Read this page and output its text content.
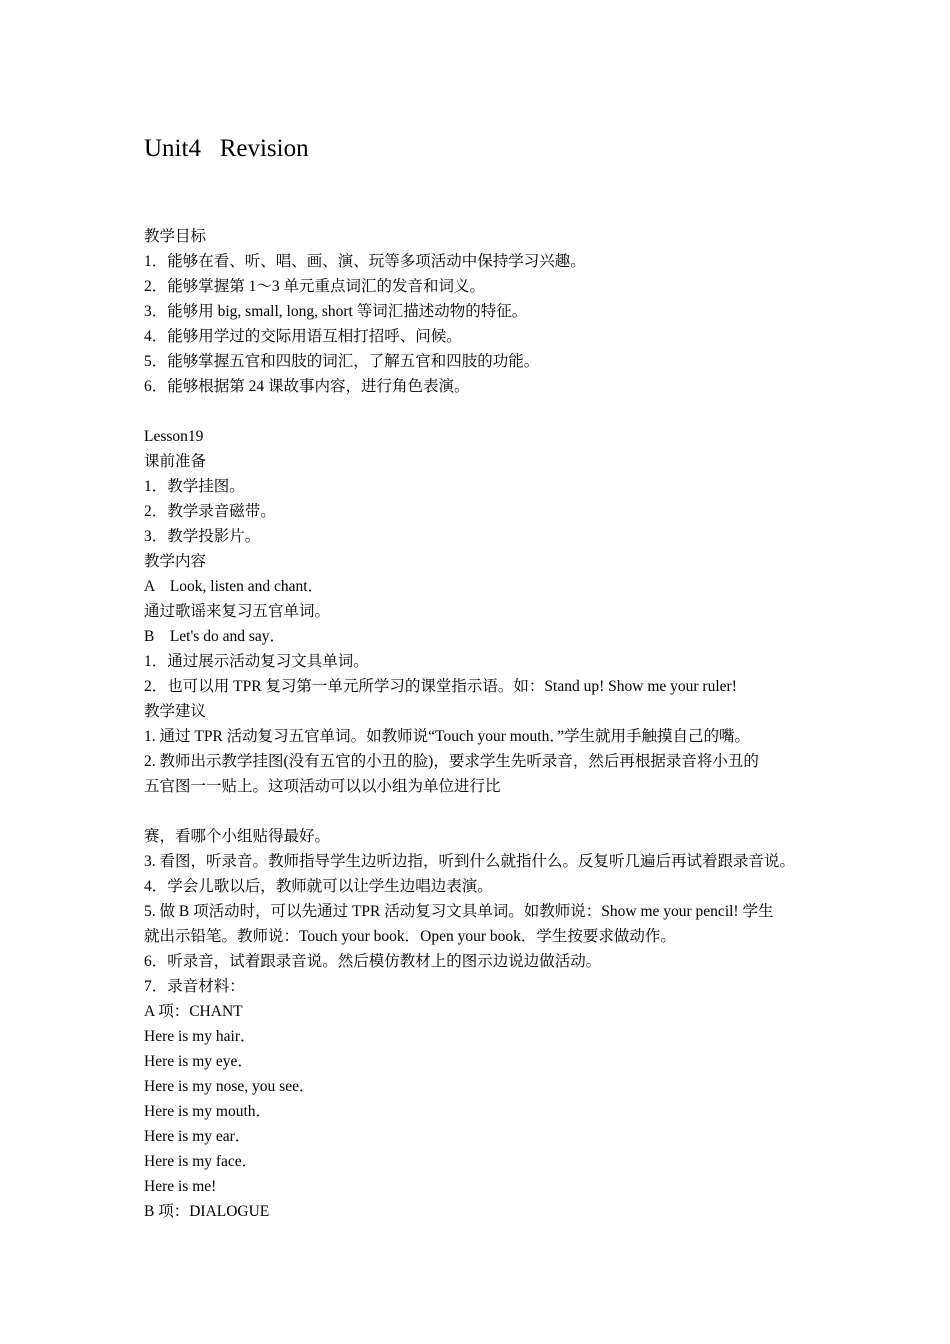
Unit4   Revision
教学目标
1．能够在看、听、唱、画、演、玩等多项活动中保持学习兴趣。
2．能够掌握第 1～3 单元重点词汇的发音和词义。
3．能够用 big, small, long, short 等词汇描述动物的特征。
4．能够用学过的交际用语互相打招呼、问候。
5．能够掌握五官和四肢的词汇，了解五官和四肢的功能。
6．能够根据第 24 课故事内容，进行角色表演。
Lesson19
课前准备
1．教学挂图。
2．教学录音磁带。
3．教学投影片。
教学内容
A    Look, listen and chant．
通过歌谣来复习五官单词。
B    Let's do and say．
1．通过展示活动复习文具单词。
2．也可以用 TPR 复习第一单元所学习的课堂指示语。如：Stand up! Show me your ruler!
教学建议
1. 通过 TPR 活动复习五官单词。如教师说“Touch your mouth．”学生就用手触摸自己的嘴。
2. 教师出示教学挂图(没有五官的小丑的脸)，要求学生先听录音，然后再根据录音将小丑的
五官图一一贴上。这项活动可以以小组为单位进行比
赛，看哪个小组贴得最好。
3. 看图，听录音。教师指导学生边听边指，听到什么就指什么。反复听几遍后再试着跟录音说。
4．学会儿歌以后，教师就可以让学生边唱边表演。
5. 做 B 项活动时，可以先通过 TPR 活动复习文具单词。如教师说：Show me your pencil! 学生
就出示铅笔。教师说：Touch your book．Open your book．学生按要求做动作。
6．听录音，试着跟录音说。然后模仿教材上的图示边说边做活动。
7．录音材料：
A 项：CHANT
Here is my hair．
Here is my eye．
Here is my nose, you see．
Here is my mouth．
Here is my ear．
Here is my face．
Here is me!
B 项：DIALOGUE
